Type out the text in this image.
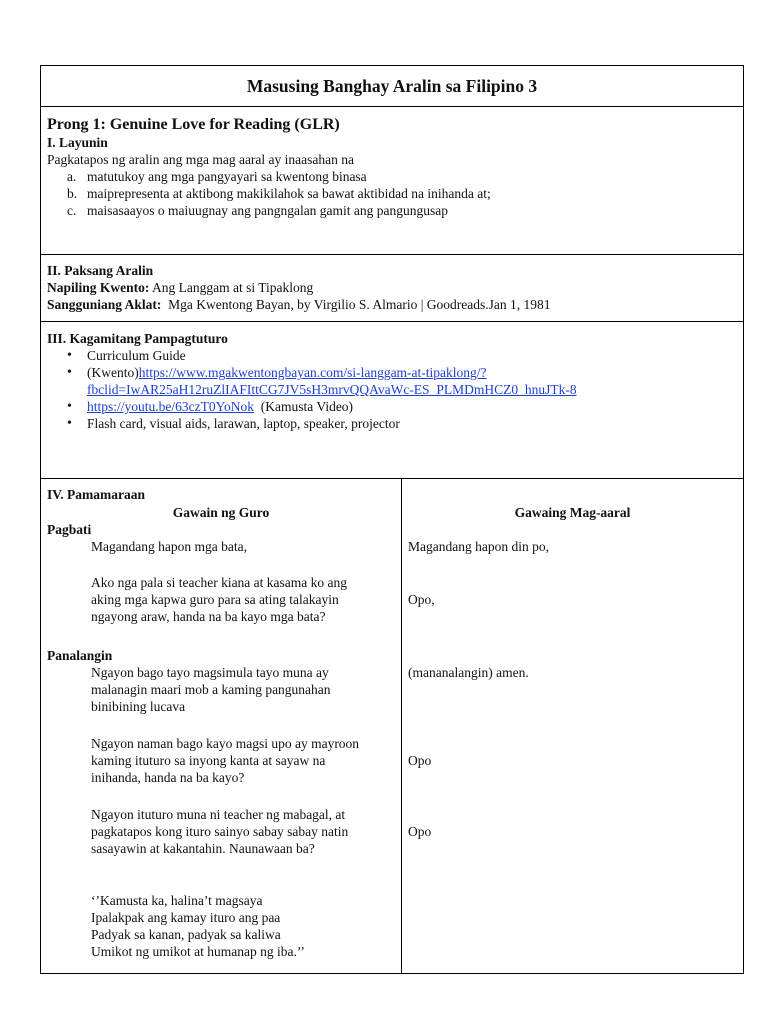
Masusing Banghay Aralin sa Filipino 3
Prong 1: Genuine Love for Reading (GLR)
I. Layunin
Pagkatapos ng aralin ang mga mag aaral ay inaasahan na
a. matutukoy ang mga pangyayari sa kwentong binasa
b. maiprepresenta at aktibong makikilahok sa bawat aktibidad na inihanda at;
c. maisasaayos o maiuugnay ang pangngalan gamit ang pangungusap
II. Paksang Aralin
Napiling Kwento: Ang Langgam at si Tipaklong
Sangguniang Aklat:  Mga Kwentong Bayan, by Virgilio S. Almario | Goodreads.Jan 1, 1981
III. Kagamitang Pampagtuturo
• Curriculum Guide
• (Kwento)https://www.mgakwentongbayan.com/si-langgam-at-tipaklong/?
fbclid=IwAR25aH12ruZlIAFIttCG7JV5sH3mrvQQAvaWc-ES_PLMDmHCZ0_hnuJTk-8
• https://youtu.be/63czT0YoNok  (Kamusta Video)
• Flash card, visual aids, larawan, laptop, speaker, projector
IV. Pamamaraan
Gawain ng Guro
Pagbati
Magandang hapon mga bata,
Ako nga pala si teacher kiana at kasama ko ang
aking mga kapwa guro para sa ating talakayin
ngayong araw, handa na ba kayo mga bata?
Panalangin
Ngayon bago tayo magsimula tayo muna ay
malanagin maari mob a kaming pangunahan
binibining lucava
Ngayon naman bago kayo magsi upo ay mayroon
kaming ituturo sa inyong kanta at sayaw na
inihanda, handa na ba kayo?
Ngayon ituturo muna ni teacher ng mabagal, at
pagkatapos kong ituro sainyo sabay sabay natin
sasayawin at kakantahin. Naunawaan ba?
‘’Kamusta ka, halina’t magsaya
Ipalakpak ang kamay ituro ang paa
Padyak sa kanan, padyak sa kaliwa
Umikot ng umikot at humanap ng iba.’’
Gawaing Mag-aaral
Magandang hapon din po,
Opo,
(mananalangin) amen.
Opo
Opo
